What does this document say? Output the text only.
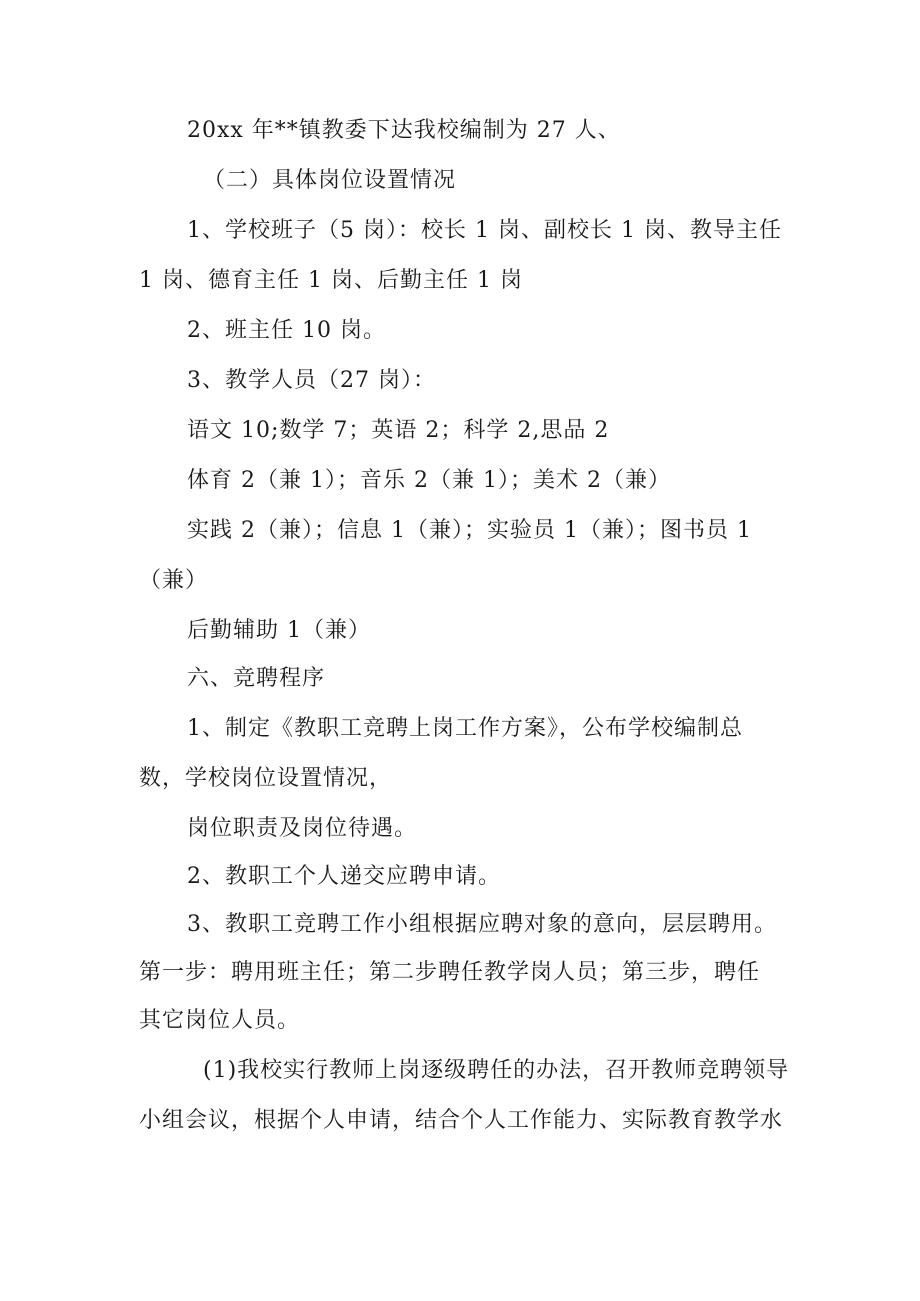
20xx 年**镇教委下达我校编制为 27 人、
（二）具体岗位设置情况
1、学校班子（5 岗）：校长 1 岗、副校长 1 岗、教导主任
1 岗、德育主任 1 岗、后勤主任 1 岗
2、班主任 10 岗。
3、教学人员（27 岗）：
语文 10;数学 7；英语 2；科学 2,思品 2
体育 2（兼 1）；音乐 2（兼 1）；美术 2（兼）
实践 2（兼）；信息 1（兼）；实验员 1（兼）；图书员 1
（兼）
后勤辅助 1（兼）
六、竞聘程序
1、制定《教职工竞聘上岗工作方案》，公布学校编制总
数，学校岗位设置情况，
岗位职责及岗位待遇。
2、教职工个人递交应聘申请。
3、教职工竞聘工作小组根据应聘对象的意向，层层聘用。
第一步：聘用班主任；第二步聘任教学岗人员；第三步，聘任
其它岗位人员。
(1)我校实行教师上岗逐级聘任的办法，召开教师竞聘领导
小组会议，根据个人申请，结合个人工作能力、实际教育教学水
